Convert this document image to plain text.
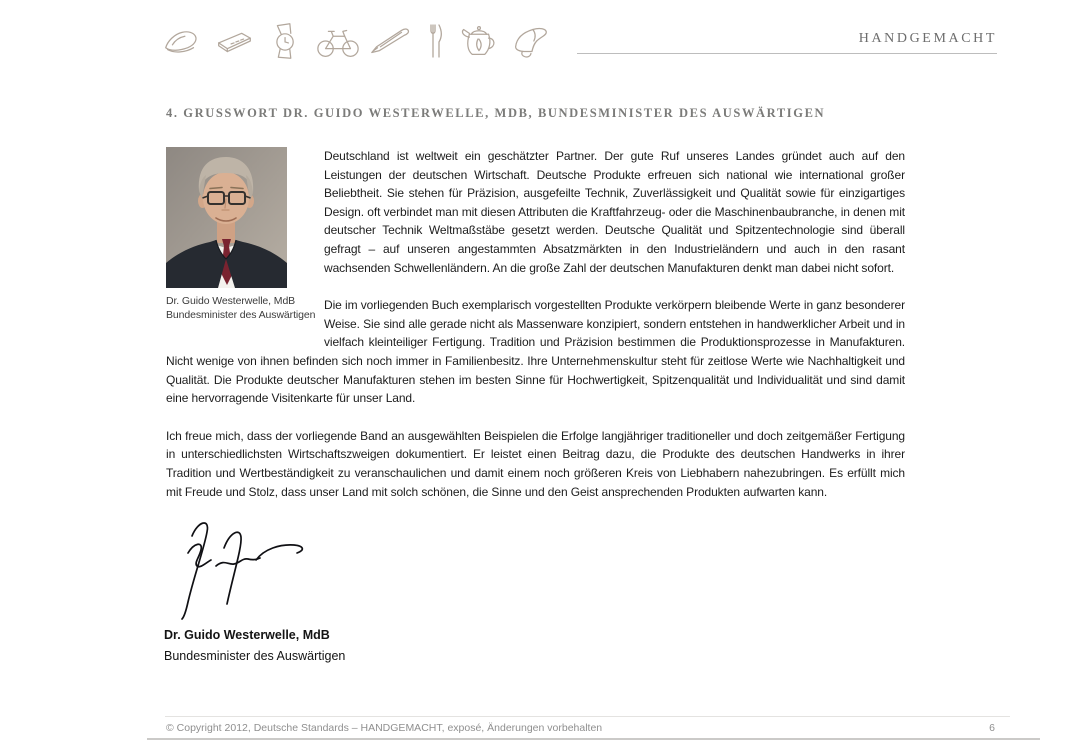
HANDGEMACHT
4. GRUSSWORT DR. GUIDO WESTERWELLE, MDB, BUNDESMINISTER DES AUSWÄRTIGEN
Dr. Guido Westerwelle, MdB
Bundesminister des Auswärtigen

Deutschland ist weltweit ein geschätzter Partner. Der gute Ruf unseres Landes gründet auch auf den Leistungen der deutschen Wirtschaft. Deutsche Produkte erfreuen sich national wie international großer Beliebtheit. Sie stehen für Präzision, ausgefeilte Technik, Zuverlässigkeit und Qualität sowie für einzigartiges Design. oft verbindet man mit diesen Attributen die Kraftfahrzeug- oder die Maschinenbaubranche, in denen mit deutscher Technik Weltmaßstäbe gesetzt werden. Deutsche Qualität und Spitzentechnologie sind überall gefragt – auf unseren angestammten Absatzmärkten in den Industrieländern und auch in den rasant wachsenden Schwellenländern. An die große Zahl der deutschen Manufakturen denkt man dabei nicht sofort.

Die im vorliegenden Buch exemplarisch vorgestellten Produkte verkörpern bleibende Werte in ganz besonderer Weise. Sie sind alle gerade nicht als Massenware konzipiert, sondern entstehen in handwerklicher Arbeit und in vielfach kleinteiliger Fertigung. Tradition und Präzision bestimmen die Produktionsprozesse in Manufakturen. Nicht wenige von ihnen befinden sich noch immer in Familienbesitz. Ihre Unternehmenskultur steht für zeitlose Werte wie Nachhaltigkeit und Qualität. Die Produkte deutscher Manufakturen stehen im besten Sinne für Hochwertigkeit, Spitzenqualität und Individualität und sind damit eine hervorragende Visitenkarte für unser Land.

Ich freue mich, dass der vorliegende Band an ausgewählten Beispielen die Erfolge langjähriger traditioneller und doch zeitgemäßer Fertigung in unterschiedlichsten Wirtschaftszweigen dokumentiert. Er leistet einen Beitrag dazu, die Produkte des deutschen Handwerks in ihrer Tradition und Wertbeständigkeit zu veranschaulichen und damit einem noch größeren Kreis von Liebhabern nahezubringen. Es erfüllt mich mit Freude und Stolz, dass unser Land mit solch schönen, die Sinne und den Geist ansprechenden Produkten aufwarten kann.

Dr. Guido Westerwelle, MdB
Bundesminister des Auswärtigen
© Copyright 2012, Deutsche Standards – HANDGEMACHT, exposé, Änderungen vorbehalten	6
